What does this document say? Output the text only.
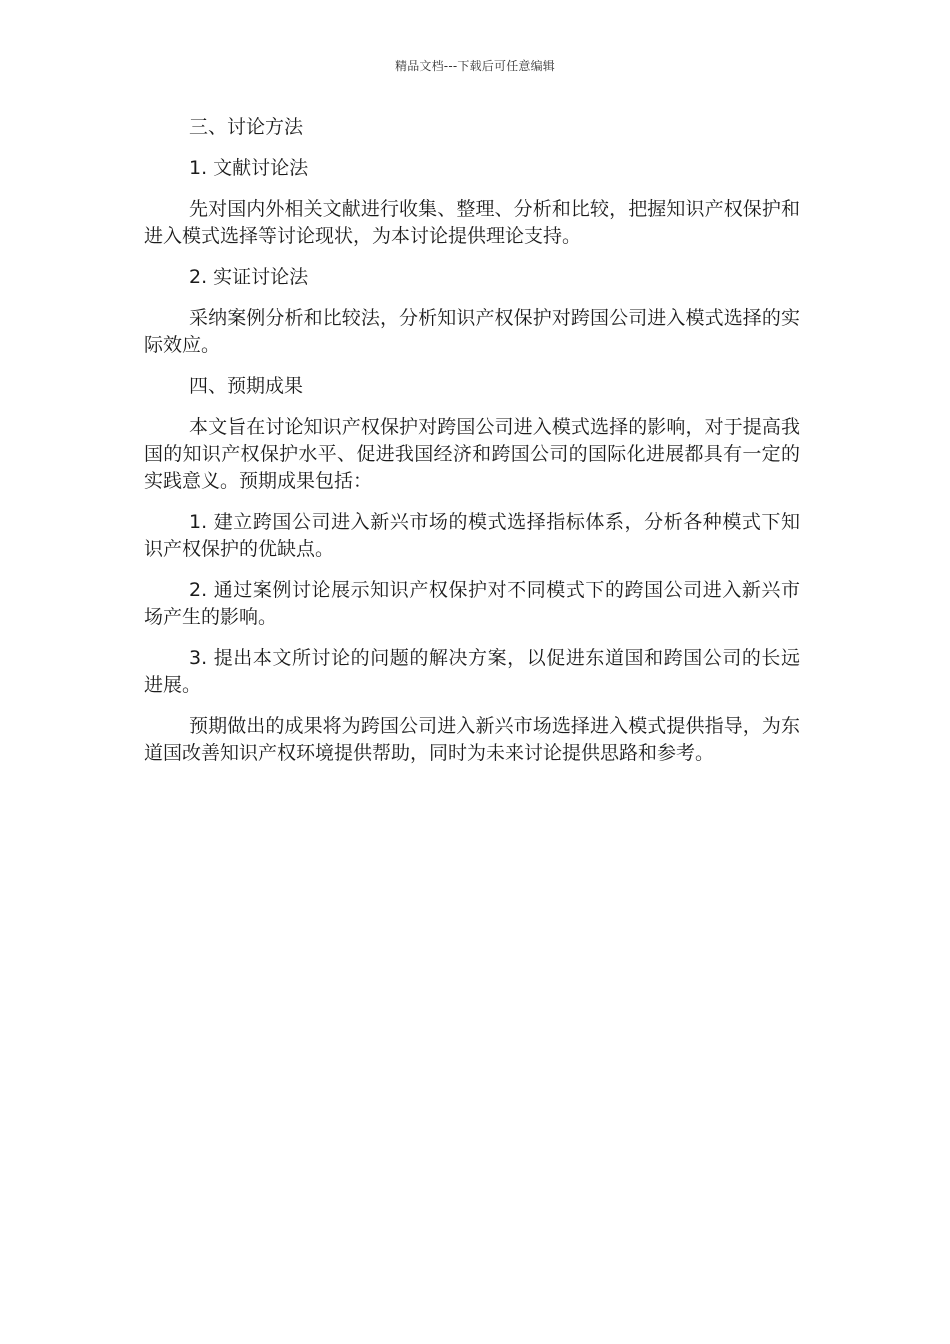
精品文档---下载后可任意编辑

三、讨论方法

1. 文献讨论法

先对国内外相关文献进行收集、整理、分析和比较，把握知识产权保护和进入模式选择等讨论现状，为本讨论提供理论支持。

2. 实证讨论法

采纳案例分析和比较法，分析知识产权保护对跨国公司进入模式选择的实际效应。

四、预期成果

本文旨在讨论知识产权保护对跨国公司进入模式选择的影响，对于提高我国的知识产权保护水平、促进我国经济和跨国公司的国际化进展都具有一定的实践意义。预期成果包括：

1. 建立跨国公司进入新兴市场的模式选择指标体系，分析各种模式下知识产权保护的优缺点。

2. 通过案例讨论展示知识产权保护对不同模式下的跨国公司进入新兴市场产生的影响。

3. 提出本文所讨论的问题的解决方案，以促进东道国和跨国公司的长远进展。

预期做出的成果将为跨国公司进入新兴市场选择进入模式提供指导，为东道国改善知识产权环境提供帮助，同时为未来讨论提供思路和参考。
